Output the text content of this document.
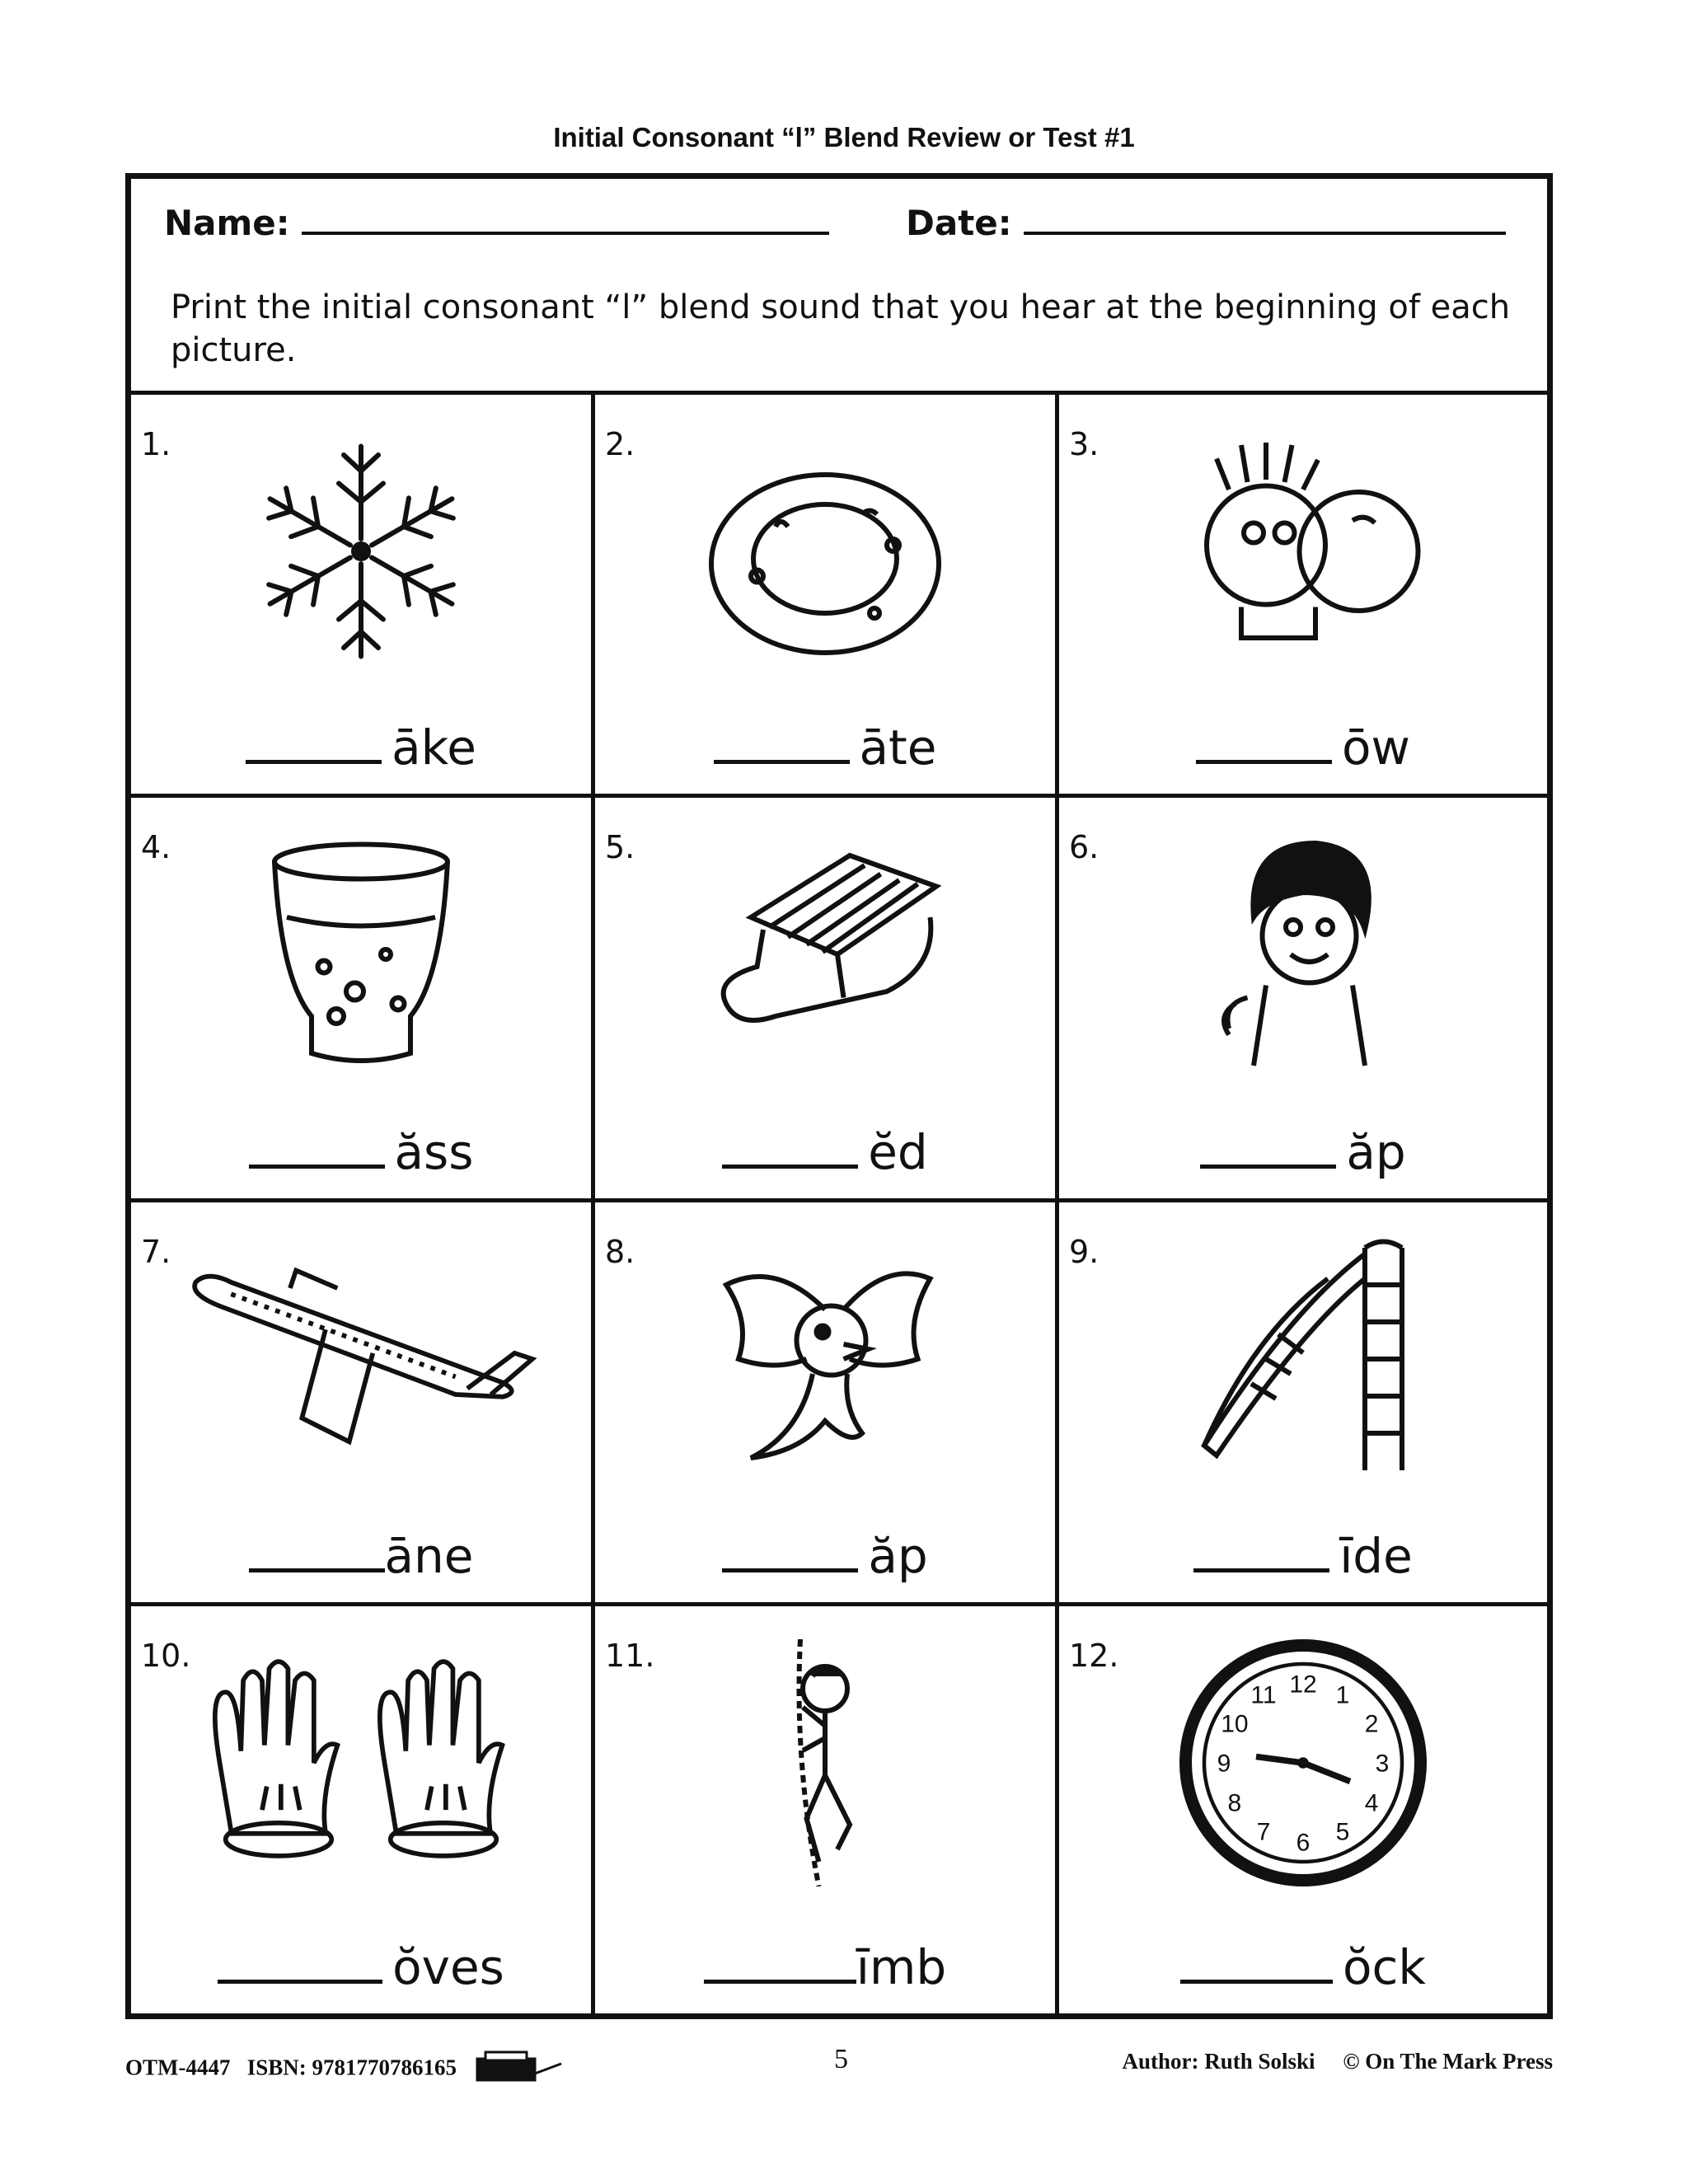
Initial Consonant “l” Blend Review or Test #1
Name:	Date:
Print the initial consonant “l” blend sound that you hear at the beginning of each picture.
1.
āke
2.
āte
3.
ōw
4.
ăss
5.
ĕd
6.
ăp
7.
āne
8.
ăp
9.
īde
10.
ŏves
11.
īmb
12.
12 1
2
3
4
5
6
7
8
9
10
11
ŏck
OTM-4447 ISBN: 9781770786165	5	Author: Ruth Solski © On The Mark Press
